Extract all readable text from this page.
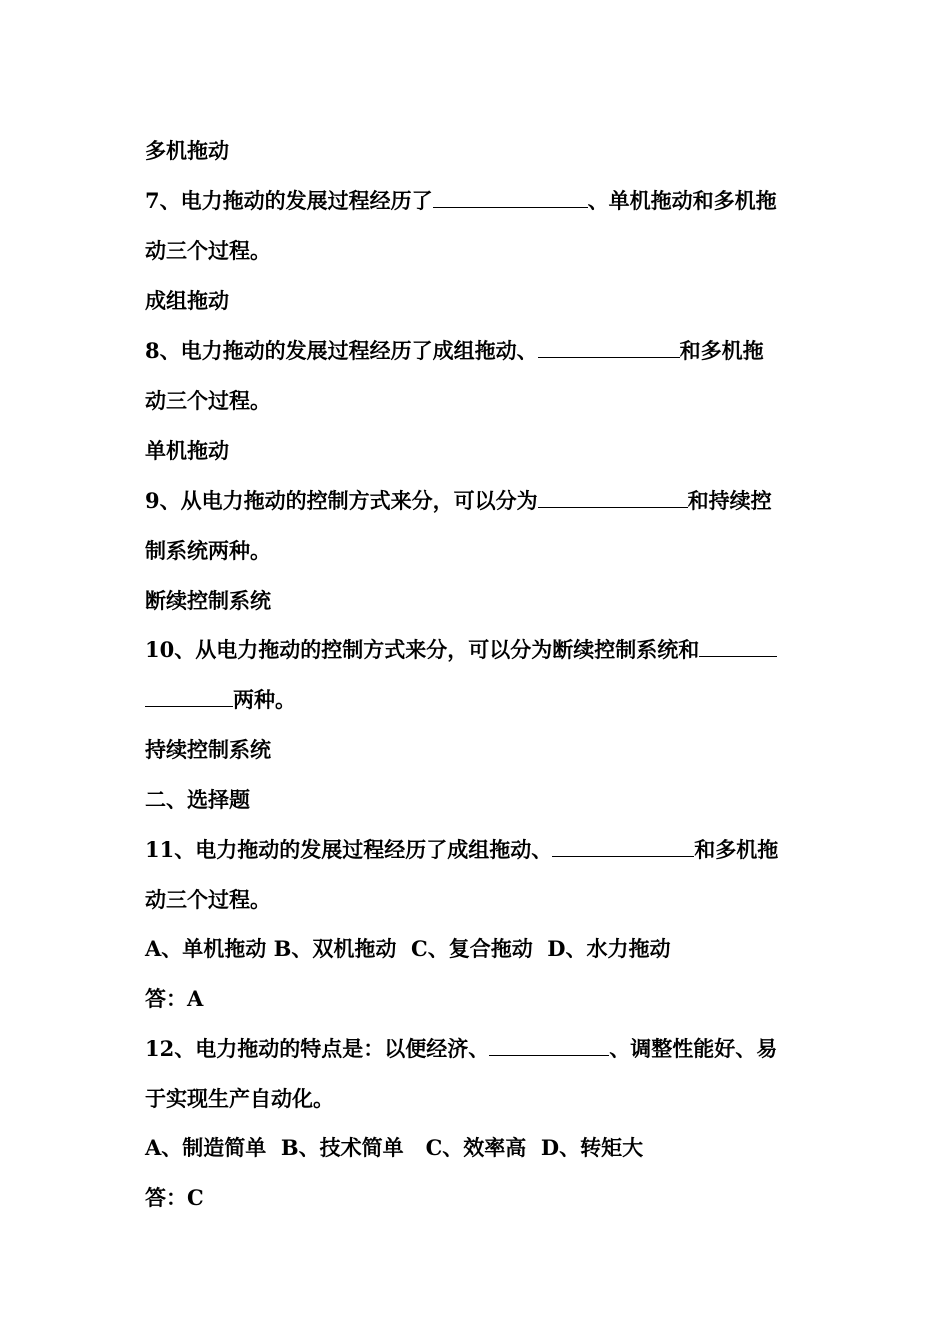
多机拖动
7、电力拖动的发展过程经历了	、单机拖动和多机拖
动三个过程。
成组拖动
8、电力拖动的发展过程经历了成组拖动、	和多机拖
动三个过程。
单机拖动
9、从电力拖动的控制方式来分，可以分为	和持续控
制系统两种。
断续控制系统
10、从电力拖动的控制方式来分，可以分为断续控制系统和
两种。
持续控制系统
二、选择题
11、电力拖动的发展过程经历了成组拖动、	和多机拖
动三个过程。
A、单机拖动 B、双机拖动  C、复合拖动  D、水力拖动
答：A
12、电力拖动的特点是：以便经济、	、调整性能好、易
于实现生产自动化。
A、制造简单  B、技术简单   C、效率高  D、转矩大
答：C
